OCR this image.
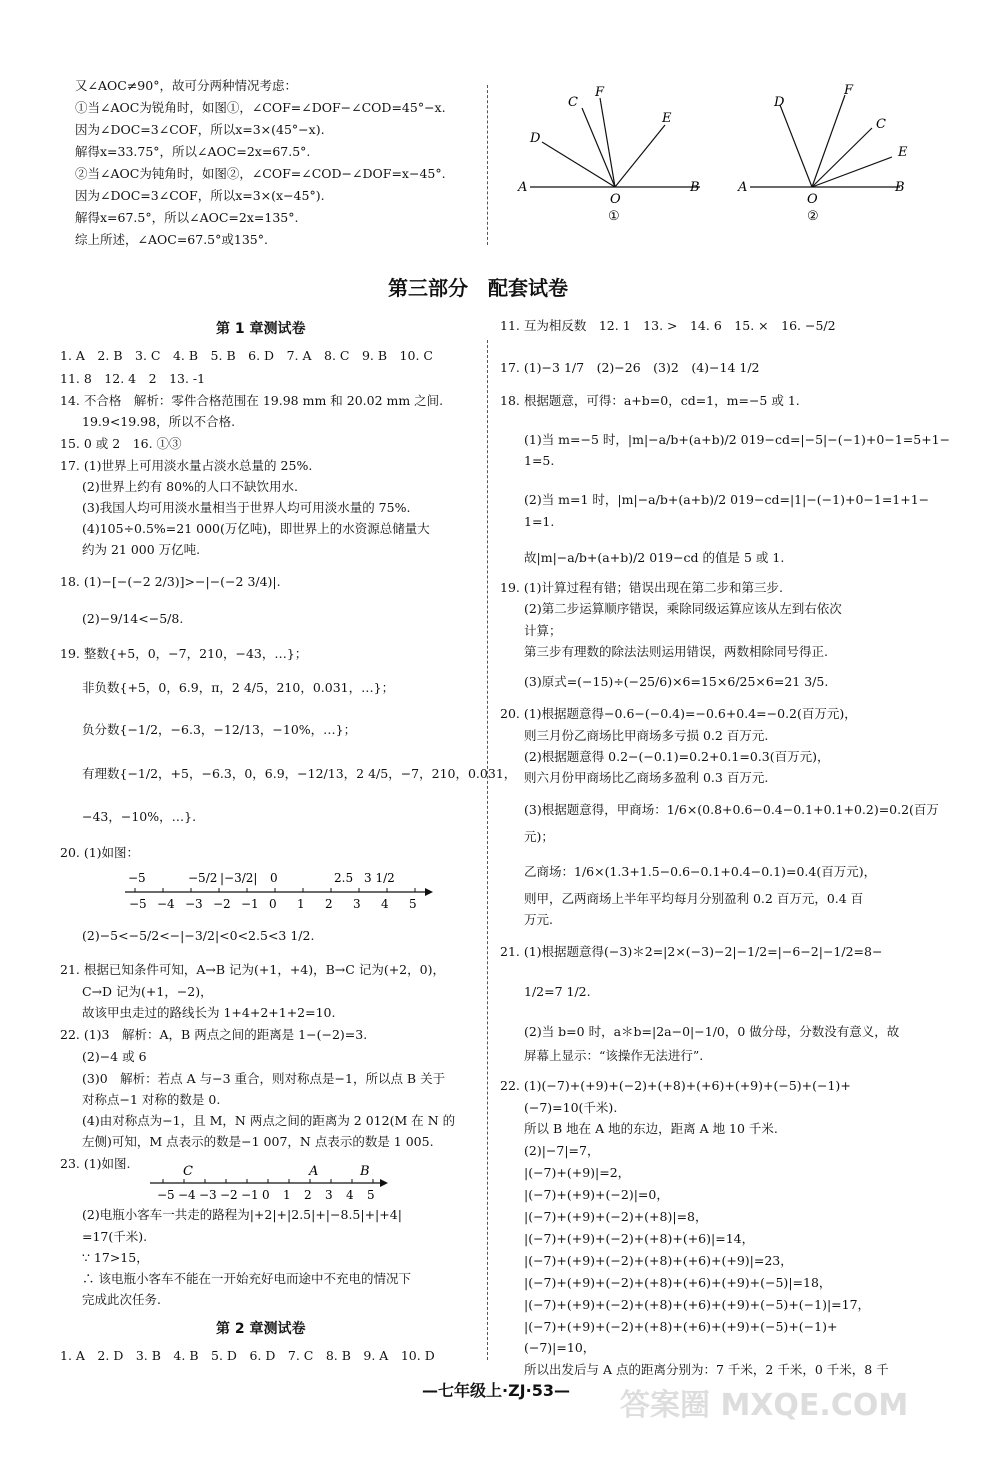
又∠AOC≠90°，故可分两种情况考虑：
①当∠AOC为锐角时，如图①，∠COF=∠DOF−∠COD=45°−x.
因为∠DOC=3∠COF，所以x=3×(45°−x).
解得x=33.75°，所以∠AOC=2x=67.5°.
②当∠AOC为钝角时，如图②，∠COF=∠COD−∠DOF=x−45°.
因为∠DOC=3∠COF，所以x=3×(x−45°).
解得x=67.5°，所以∠AOC=2x=135°.
综上所述，∠AOC=67.5°或135°.
C
F
E
D
A
O
B
①
D
F
C
E
A
O
B
②
第三部分　配套试卷
第 1 章测试卷
1. A　2. B　3. C　4. B　5. B　6. D　7. A　8. C　9. B　10. C
11. 8　12. 4　2　13. -1
14. 不合格　解析：零件合格范围在 19.98 mm 和 20.02 mm 之间.
19.9<19.98，所以不合格.
15. 0 或 2　16. ①③
17. (1)世界上可用淡水量占淡水总量的 25%.
(2)世界上约有 80%的人口不缺饮用水.
(3)我国人均可用淡水量相当于世界人均可用淡水量的 75%.
(4)105÷0.5%=21 000(万亿吨)，即世界上的水资源总储量大
约为 21 000 万亿吨.
18. (1)−[−(−2 2/3)]>−|−(−2 3/4)|.
(2)−9/14<−5/8.
19. 整数{+5，0，−7，210，−43，…}；
非负数{+5，0，6.9，π，2 4/5，210，0.031，…}；
负分数{−1/2，−6.3，−12/13，−10%，…}；
有理数{−1/2，+5，−6.3，0，6.9，−12/13，2 4/5，−7，210，0.031，
−43，−10%，…}.
20. (1)如图：
(2)−5<−5/2<−|−3/2|<0<2.5<3 1/2.
21. 根据已知条件可知，A→B 记为(+1，+4)，B→C 记为(+2，0)，
C→D 记为(+1，−2)，
故该甲虫走过的路线长为 1+4+2+1+2=10.
22. (1)3　解析：A，B 两点之间的距离是 1−(−2)=3.
(2)−4 或 6
(3)0　解析：若点 A 与−3 重合，则对称点是−1，所以点 B 关于
对称点−1 对称的数是 0.
(4)由对称点为−1，且 M，N 两点之间的距离为 2 012(M 在 N 的
左侧)可知，M 点表示的数是−1 007，N 点表示的数是 1 005.
23. (1)如图.
(2)电瓶小客车一共走的路程为|+2|+|2.5|+|−8.5|+|+4|
=17(千米).
∵ 17>15，
∴ 该电瓶小客车不能在一开始充好电而途中不充电的情况下
完成此次任务.
−5 −4 −3 −2 −1 0 1 2 3 4 5
−5	−5/2 |−3/2| 0	2.5 3 1/2
−5 −4 −3 −2 −1 0 1 2 3 4 5
C	A	B
第 2 章测试卷
1. A　2. D　3. B　4. B　5. D　6. D　7. C　8. B　9. A　10. D
11. 互为相反数　12. 1　13. >　14. 6　15. ×　16. −5/2
17. (1)−3 1/7　(2)−26　(3)2　(4)−14 1/2
18. 根据题意，可得：a+b=0，cd=1，m=−5 或 1.
(1)当 m=−5 时，|m|−a/b+(a+b)/2 019−cd=|−5|−(−1)+0−1=5+1−
1=5.
(2)当 m=1 时，|m|−a/b+(a+b)/2 019−cd=|1|−(−1)+0−1=1+1−
1=1.
故|m|−a/b+(a+b)/2 019−cd 的值是 5 或 1.
19. (1)计算过程有错；错误出现在第二步和第三步.
(2)第二步运算顺序错误，乘除同级运算应该从左到右依次
计算；
第三步有理数的除法法则运用错误，两数相除同号得正.
(3)原式=(−15)÷(−25/6)×6=15×6/25×6=21 3/5.
20. (1)根据题意得−0.6−(−0.4)=−0.6+0.4=−0.2(百万元)，
则三月份乙商场比甲商场多亏损 0.2 百万元.
(2)根据题意得 0.2−(−0.1)=0.2+0.1=0.3(百万元)，
则六月份甲商场比乙商场多盈利 0.3 百万元.
(3)根据题意得，甲商场：1/6×(0.8+0.6−0.4−0.1+0.1+0.2)=0.2(百万
元)；
乙商场：1/6×(1.3+1.5−0.6−0.1+0.4−0.1)=0.4(百万元)，
则甲，乙两商场上半年平均每月分别盈利 0.2 百万元，0.4 百
万元.
21. (1)根据题意得(−3)＊2=|2×(−3)−2|−1/2=|−6−2|−1/2=8−
1/2=7 1/2.
(2)当 b=0 时，a＊b=|2a−0|−1/0，0 做分母，分数没有意义，故
屏幕上显示：“该操作无法进行”.
22. (1)(−7)+(+9)+(−2)+(+8)+(+6)+(+9)+(−5)+(−1)+
(−7)=10(千米).
所以 B 地在 A 地的东边，距离 A 地 10 千米.
(2)|−7|=7，
|(−7)+(+9)|=2，
|(−7)+(+9)+(−2)|=0，
|(−7)+(+9)+(−2)+(+8)|=8，
|(−7)+(+9)+(−2)+(+8)+(+6)|=14，
|(−7)+(+9)+(−2)+(+8)+(+6)+(+9)|=23，
|(−7)+(+9)+(−2)+(+8)+(+6)+(+9)+(−5)|=18，
|(−7)+(+9)+(−2)+(+8)+(+6)+(+9)+(−5)+(−1)|=17，
|(−7)+(+9)+(−2)+(+8)+(+6)+(+9)+(−5)+(−1)+
(−7)|=10，
所以出发后与 A 点的距离分别为：7 千米，2 千米，0 千米，8 千
—七年级上·ZJ·53— 答案圈 MXQE.COM
